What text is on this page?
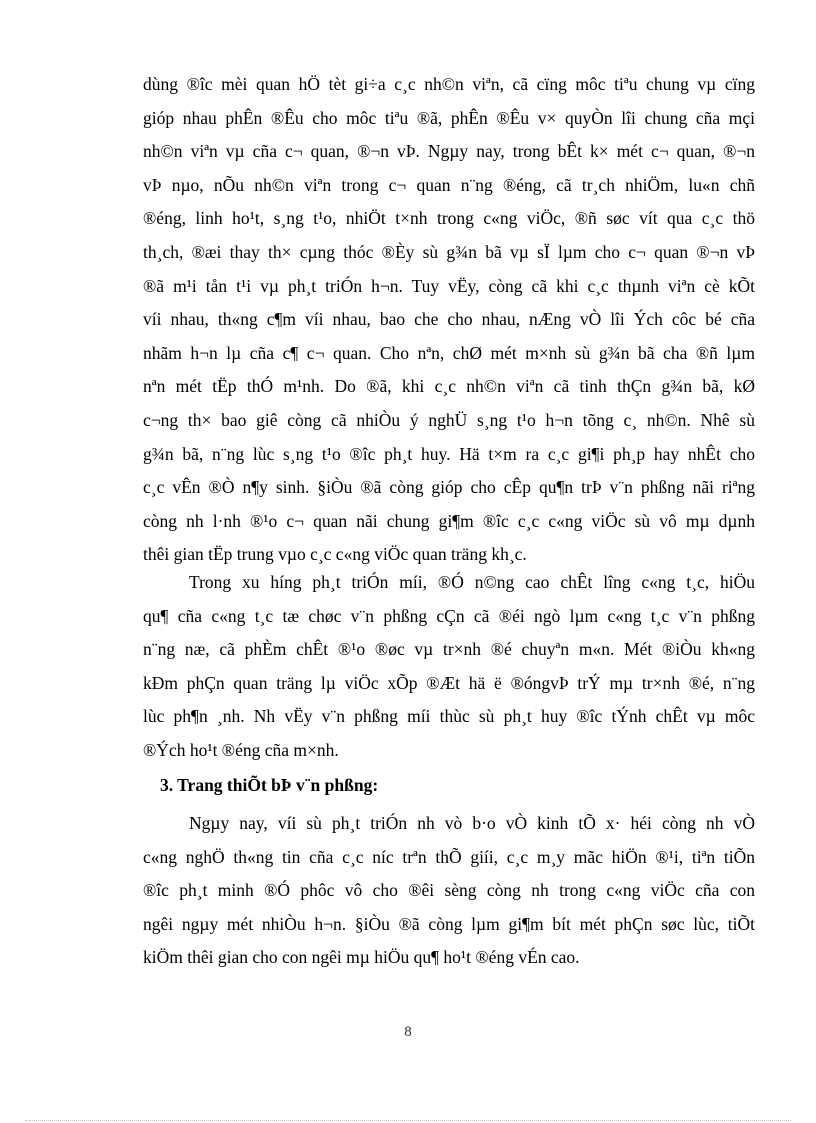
dùng ®îc mèi quan hÖ tèt gi÷a c¸c nh©n viªn, cã cïng môc tiªu chung vµ cïng
gióp nhau phÊn ®Êu cho môc tiªu ®ã, phÊn ®Êu v× quyÒn lîi chung cña mçi
nh©n viªn vµ cña c¬ quan, ®¬n vÞ. Ngµy nay, trong bÊt k× mét c¬ quan, ®¬n
vÞ nµo, nÕu nh©n viªn trong c¬ quan n¨ng ®éng, cã tr¸ch nhiÖm, lu«n chñ
®éng, linh ho¹t, s¸ng t¹o, nhiÖt t×nh trong c«ng viÖc, ®ñ søc vít qua c¸c thö
th¸ch, ®æi thay th× cµng thóc ®Èy sù g¾n bã vµ sÏ lµm cho c¬ quan ®¬n vÞ
®ã m¹i tån t¹i vµ ph¸t triÓn h¬n. Tuy vËy, còng cã khi c¸c thµnh viªn cè kÕt
víi nhau, th«ng c¶m víi nhau, bao che cho nhau, nÆng vÒ lîi Ých côc bé cña
nhãm h¬n lµ cña c¶ c¬ quan. Cho nªn, chØ mét m×nh sù g¾n bã cha ®ñ lµm
nªn mét tËp thÓ m¹nh. Do ®ã, khi c¸c nh©n viªn cã tinh thÇn g¾n bã, kØ
c¬ng th× bao giê còng cã nhiÒu ý nghÜ s¸ng t¹o h¬n tõng c¸ nh©n. Nhê sù
g¾n bã, n¨ng lùc s¸ng t¹o ®îc ph¸t huy. Hä t×m ra c¸c gi¶i ph¸p hay nhÊt cho
c¸c vÊn ®Ò n¶y sinh. §iÒu ®ã còng gióp cho cÊp qu¶n trÞ v¨n phßng nãi riªng
còng nh l·nh ®¹o c¬ quan nãi chung gi¶m ®îc c¸c c«ng viÖc sù vô mµ dµnh
thêi gian tËp trung vµo c¸c c«ng viÖc quan träng kh¸c.
Trong xu híng ph¸t triÓn míi, ®Ó n©ng cao chÊt lîng c«ng t¸c, hiÖu
qu¶ cña c«ng t¸c tæ chøc v¨n phßng cÇn cã ®éi ngò lµm c«ng t¸c v¨n phßng
n¨ng næ, cã phÈm chÊt ®¹o ®øc vµ tr×nh ®é chuyªn m«n. Mét ®iÒu kh«ng
kÐm phÇn quan träng lµ viÖc xÕp ®Æt hä ë ®óngvÞ trÝ mµ tr×nh ®é, n¨ng
lùc ph¶n ¸nh. Nh vËy v¨n phßng míi thùc sù ph¸t huy ®îc tÝnh chÊt vµ môc
®Ých ho¹t ®éng cña m×nh.
3. Trang thiÕt bÞ v¨n phßng:
Ngµy nay, víi sù ph¸t triÓn nh vò b·o vÒ kinh tÕ x· héi còng nh vÒ
c«ng nghÖ th«ng tin cña c¸c níc trªn thÕ giíi, c¸c m¸y mãc hiÖn ®¹i, tiªn tiÕn
®îc ph¸t minh ®Ó phôc vô cho ®êi sèng còng nh trong c«ng viÖc cña con
ngêi ngµy mét nhiÒu h¬n. §iÒu ®ã còng lµm gi¶m bít mét phÇn søc lùc, tiÕt
kiÖm thêi gian cho con ngêi mµ hiÖu qu¶ ho¹t ®éng vÉn cao.
8
